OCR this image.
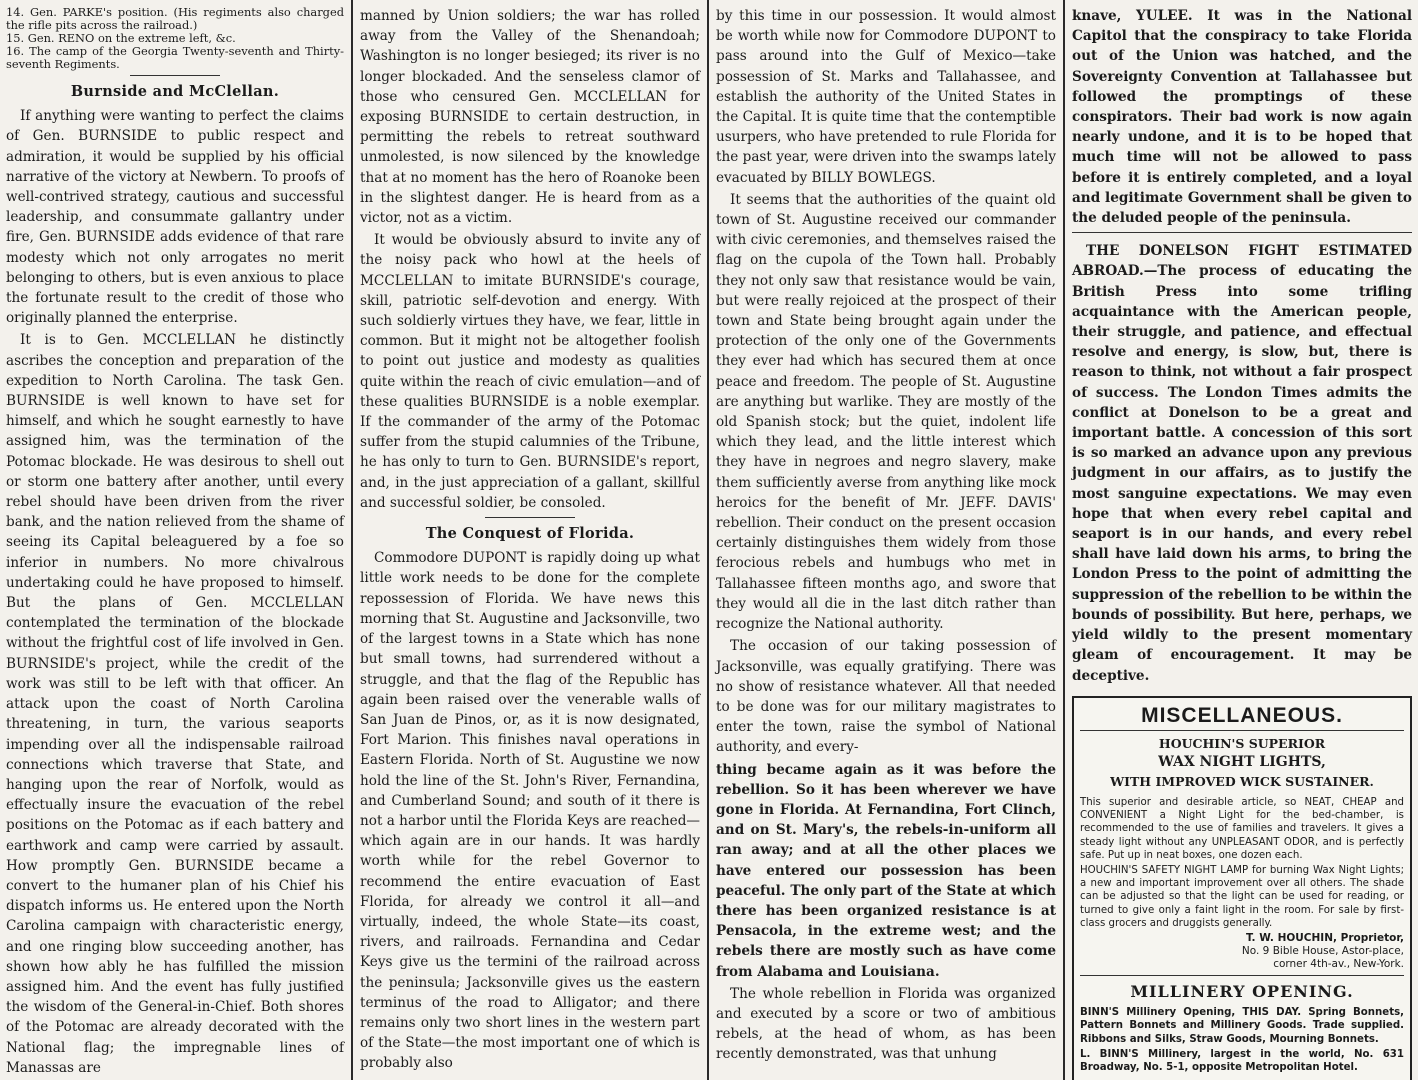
14. Gen. PARKE's position. (His regiments also charged the rifle pits across the railroad.)
15. Gen. RENO on the extreme left, &c.
16. The camp of the Georgia Twenty-seventh and Thirty-seventh Regiments.
Burnside and McClellan.

If anything were wanting to perfect the claims of Gen. BURNSIDE to public respect and admiration, it would be supplied by his official narrative of the victory at Newbern. To proofs of well-contrived strategy, cautious and successful leadership, and consummate gallantry under fire, Gen. BURNSIDE adds evidence of that rare modesty which not only arrogates no merit belonging to others, but is even anxious to place the fortunate result to the credit of those who originally planned the enterprise.

It is to Gen. MCCLELLAN he distinctly ascribes the conception and preparation of the expedition to North Carolina. The task Gen. BURNSIDE is well known to have set for himself, and which he sought earnestly to have assigned him, was the termination of the Potomac blockade. He was desirous to shell out or storm one battery after another, until every rebel should have been driven from the river bank, and the nation relieved from the shame of seeing its Capital beleaguered by a foe so inferior in numbers. No more chivalrous undertaking could he have proposed to himself. But the plans of Gen. MCCLELLAN contemplated the termination of the blockade without the frightful cost of life involved in Gen. BURNSIDE's project, while the credit of the work was still to be left with that officer. An attack upon the coast of North Carolina threatening, in turn, the various seaports impending over all the indispensable railroad connections which traverse that State, and hanging upon the rear of Norfolk, would as effectually insure the evacuation of the rebel positions on the Potomac as if each battery and earthwork and camp were carried by assault. How promptly Gen. BURNSIDE became a convert to the humaner plan of his Chief his dispatch informs us. He entered upon the North Carolina campaign with characteristic energy, and one ringing blow succeeding another, has shown how ably he has fulfilled the mission assigned him. And the event has fully justified the wisdom of the General-in-Chief. Both shores of the Potomac are already decorated with the National flag; the impregnable lines of Manassas are

manned by Union soldiers; the war has rolled away from the Valley of the Shenandoah; Washington is no longer besieged; its river is no longer blockaded. And the senseless clamor of those who censured Gen. MCCLELLAN for exposing BURNSIDE to certain destruction, in permitting the rebels to retreat southward unmolested, is now silenced by the knowledge that at no moment has the hero of Roanoke been in the slightest danger. He is heard from as a victor, not as a victim.

It would be obviously absurd to invite any of the noisy pack who howl at the heels of MCCLELLAN to imitate BURNSIDE's courage, skill, patriotic self-devotion and energy. With such soldierly virtues they have, we fear, little in common. But it might not be altogether foolish to point out justice and modesty as qualities quite within the reach of civic emulation—and of these qualities BURNSIDE is a noble exemplar. If the commander of the army of the Potomac suffer from the stupid calumnies of the Tribune, he has only to turn to Gen. BURNSIDE's report, and, in the just appreciation of a gallant, skillful and successful soldier, be consoled.

The Conquest of Florida.

Commodore DUPONT is rapidly doing up what little work needs to be done for the complete repossession of Florida. We have news this morning that St. Augustine and Jacksonville, two of the largest towns in a State which has none but small towns, had surrendered without a struggle, and that the flag of the Republic has again been raised over the venerable walls of San Juan de Pinos, or, as it is now designated, Fort Marion. This finishes naval operations in Eastern Florida. North of St. Augustine we now hold the line of the St. John's River, Fernandina, and Cumberland Sound; and south of it there is not a harbor until the Florida Keys are reached—which again are in our hands. It was hardly worth while for the rebel Governor to recommend the entire evacuation of East Florida, for already we control it all—and virtually, indeed, the whole State—its coast, rivers, and railroads. Fernandina and Cedar Keys give us the termini of the railroad across the peninsula; Jacksonville gives us the eastern terminus of the road to Alligator; and there remains only two short lines in the western part of the State—the most important one of which is probably also

by this time in our possession. It would almost be worth while now for Commodore DUPONT to pass around into the Gulf of Mexico—take possession of St. Marks and Tallahassee, and establish the authority of the United States in the Capital. It is quite time that the contemptible usurpers, who have pretended to rule Florida for the past year, were driven into the swamps lately evacuated by BILLY BOWLEGS.

It seems that the authorities of the quaint old town of St. Augustine received our commander with civic ceremonies, and themselves raised the flag on the cupola of the Town hall. Probably they not only saw that resistance would be vain, but were really rejoiced at the prospect of their town and State being brought again under the protection of the only one of the Governments they ever had which has secured them at once peace and freedom. The people of St. Augustine are anything but warlike. They are mostly of the old Spanish stock; but the quiet, indolent life which they lead, and the little interest which they have in negroes and negro slavery, make them sufficiently averse from anything like mock heroics for the benefit of Mr. JEFF. DAVIS' rebellion. Their conduct on the present occasion certainly distinguishes them widely from those ferocious rebels and humbugs who met in Tallahassee fifteen months ago, and swore that they would all die in the last ditch rather than recognize the National authority.

The occasion of our taking possession of Jacksonville, was equally gratifying. There was no show of resistance whatever. All that needed to be done was for our military magistrates to enter the town, raise the symbol of National authority, and every-

thing became again as it was before the rebellion. So it has been wherever we have gone in Florida. At Fernandina, Fort Clinch, and on St. Mary's, the rebels-in-uniform all ran away; and at all the other places we have entered our possession has been peaceful. The only part of the State at which there has been organized resistance is at Pensacola, in the extreme west; and the rebels there are mostly such as have come from Alabama and Louisiana.

The whole rebellion in Florida was organized and executed by a score or two of ambitious rebels, at the head of whom, as has been recently demonstrated, was that unhung

knave, YULEE. It was in the National Capitol that the conspiracy to take Florida out of the Union was hatched, and the Sovereignty Convention at Tallahassee but followed the promptings of these conspirators. Their bad work is now again nearly undone, and it is to be hoped that much time will not be allowed to pass before it is entirely completed, and a loyal and legitimate Government shall be given to the deluded people of the peninsula.

THE DONELSON FIGHT ESTIMATED ABROAD.—The process of educating the British Press into some trifling acquaintance with the American people, their struggle, and patience, and effectual resolve and energy, is slow, but, there is reason to think, not without a fair prospect of success. The London Times admits the conflict at Donelson to be a great and important battle. A concession of this sort is so marked an advance upon any previous judgment in our affairs, as to justify the most sanguine expectations. We may even hope that when every rebel capital and seaport is in our hands, and every rebel shall have laid down his arms, to bring the London Press to the point of admitting the suppression of the rebellion to be within the bounds of possibility. But here, perhaps, we yield wildly to the present momentary gleam of encouragement. It may be deceptive.

MISCELLANEOUS.
HOUCHIN'S SUPERIOR
WAX NIGHT LIGHTS,
WITH IMPROVED WICK SUSTAINER.
This superior and desirable article, so NEAT, CHEAP and CONVENIENT a Night Light for the bed-chamber, is recommended to the use of families and travelers. It gives a steady light without any UNPLEASANT ODOR, and is perfectly safe. Put up in neat boxes, one dozen each.
HOUCHIN'S SAFETY NIGHT LAMP for burning Wax Night Lights; a new and important improvement over all others. The shade can be adjusted so that the light can be used for reading, or turned to give only a faint light in the room. For sale by first-class grocers and druggists generally.
T. W. HOUCHIN, Proprietor,
No. 9 Bible House, Astor-place,
corner 4th-av., New-York.
MILLINERY OPENING.
BINN'S Millinery Opening, THIS DAY. Spring Bonnets, Pattern Bonnets and Millinery Goods. Trade supplied. Ribbons and Silks, Straw Goods, Mourning Bonnets.
L. BINN'S Millinery, largest in the world, No. 631 Broadway, No. 5-1, opposite Metropolitan Hotel.
